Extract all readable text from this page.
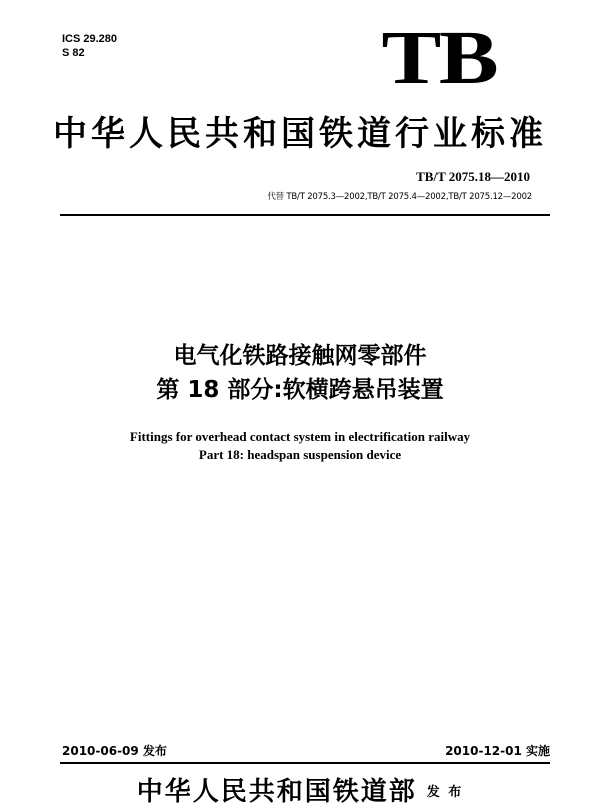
ICS 29.280
S 82	TB
中华人民共和国铁道行业标准
TB/T 2075.18—2010
代替 TB/T 2075.3—2002,TB/T 2075.4—2002,TB/T 2075.12—2002
电气化铁路接触网零部件
第 18 部分:软横跨悬吊装置
Fittings for overhead contact system in electrification railway
Part 18: headspan suspension device
2010-06-09 发布	2010-12-01 实施
中华人民共和国铁道部 发 布
